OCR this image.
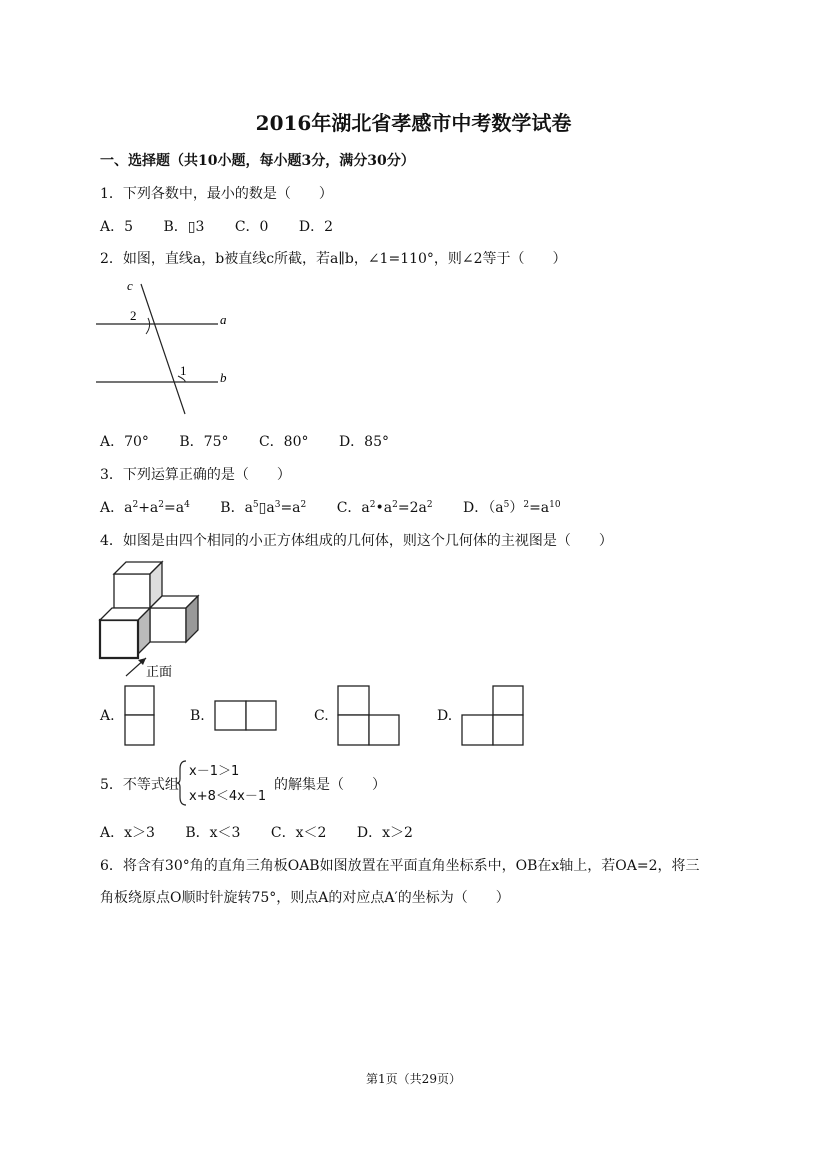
2016年湖北省孝感市中考数学试卷
一、选择题（共10小题，每小题3分，满分30分）
1．下列各数中，最小的数是（　　）
A．5 B．▯3 C．0 D．2
2．如图，直线a，b被直线c所截，若a∥b，∠1=110°，则∠2等于（　　）
c
2	a
1	b
A．70° B．75° C．80° D．85°
3．下列运算正确的是（　　）
A．$a^2+a^2=a^4$ B．$a^5▯a^3=a^2$ C．$a^2•a^2=2a^2$ D．$(a^5)^2=a^{10}$
4．如图是由四个相同的小正方体组成的几何体，则这个几何体的主视图是（　　）
正面
A.	B.	C.	D.
5．不等式组
x－1＞1
x+8＜4x－1
的解集是（　　）
A．x＞3 B．x＜3 C．x＜2 D．x＞2
6．将含有30°角的直角三角板OAB如图放置在平面直角坐标系中，OB在x轴上，若OA=2，将三
角板绕原点O顺时针旋转75°，则点A的对应点A′的坐标为（　　）
第1页（共29页）
